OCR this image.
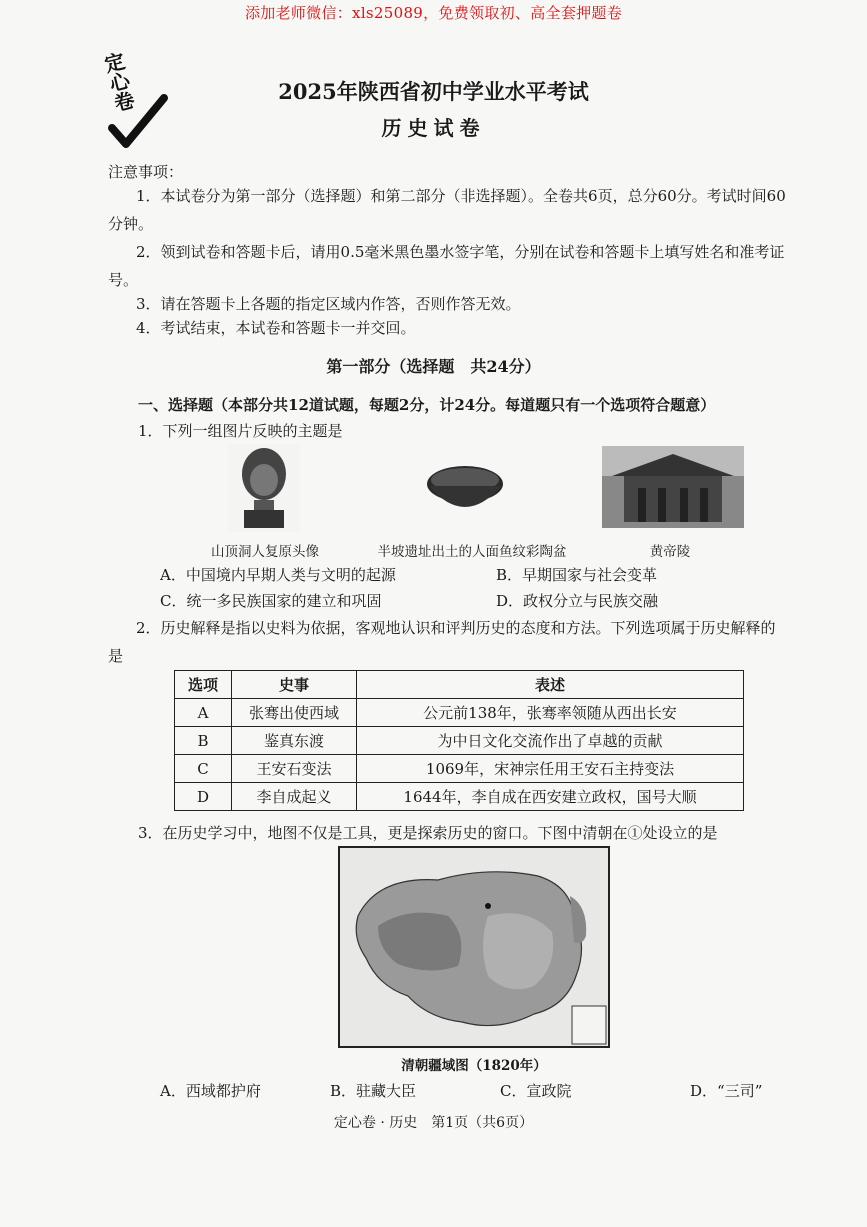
添加老师微信：xls25089，免费领取初、高全套押题卷
定心卷	2025年陕西省初中学业水平考试
历史试卷
注意事项：
1．本试卷分为第一部分（选择题）和第二部分（非选择题）。全卷共6页，总分60分。考试时间60分钟。
2．领到试卷和答题卡后，请用0.5毫米黑色墨水签字笔，分别在试卷和答题卡上填写姓名和准考证号。
3．请在答题卡上各题的指定区域内作答，否则作答无效。
4．考试结束，本试卷和答题卡一并交回。
第一部分（选择题　共24分）
一、选择题（本部分共12道试题，每题2分，计24分。每道题只有一个选项符合题意）
1．下列一组图片反映的主题是
山顶洞人复原头像	半坡遗址出土的人面鱼纹彩陶盆	黄帝陵
A．中国境内早期人类与文明的起源	B．早期国家与社会变革
C．统一多民族国家的建立和巩固	D．政权分立与民族交融
2．历史解释是指以史料为依据，客观地认识和评判历史的态度和方法。下列选项属于历史解释的是
选项	史事	表述
A	张骞出使西域	公元前138年，张骞率领随从西出长安
B	鉴真东渡	为中日文化交流作出了卓越的贡献
C	王安石变法	1069年，宋神宗任用王安石主持变法
D	李自成起义	1644年，李自成在西安建立政权，国号大顺
3．在历史学习中，地图不仅是工具，更是探索历史的窗口。下图中清朝在①处设立的是
清朝疆域图（1820年）
A．西域都护府	B．驻藏大臣	C．宣政院	D．“三司”
定心卷 · 历史　第1页（共6页）
